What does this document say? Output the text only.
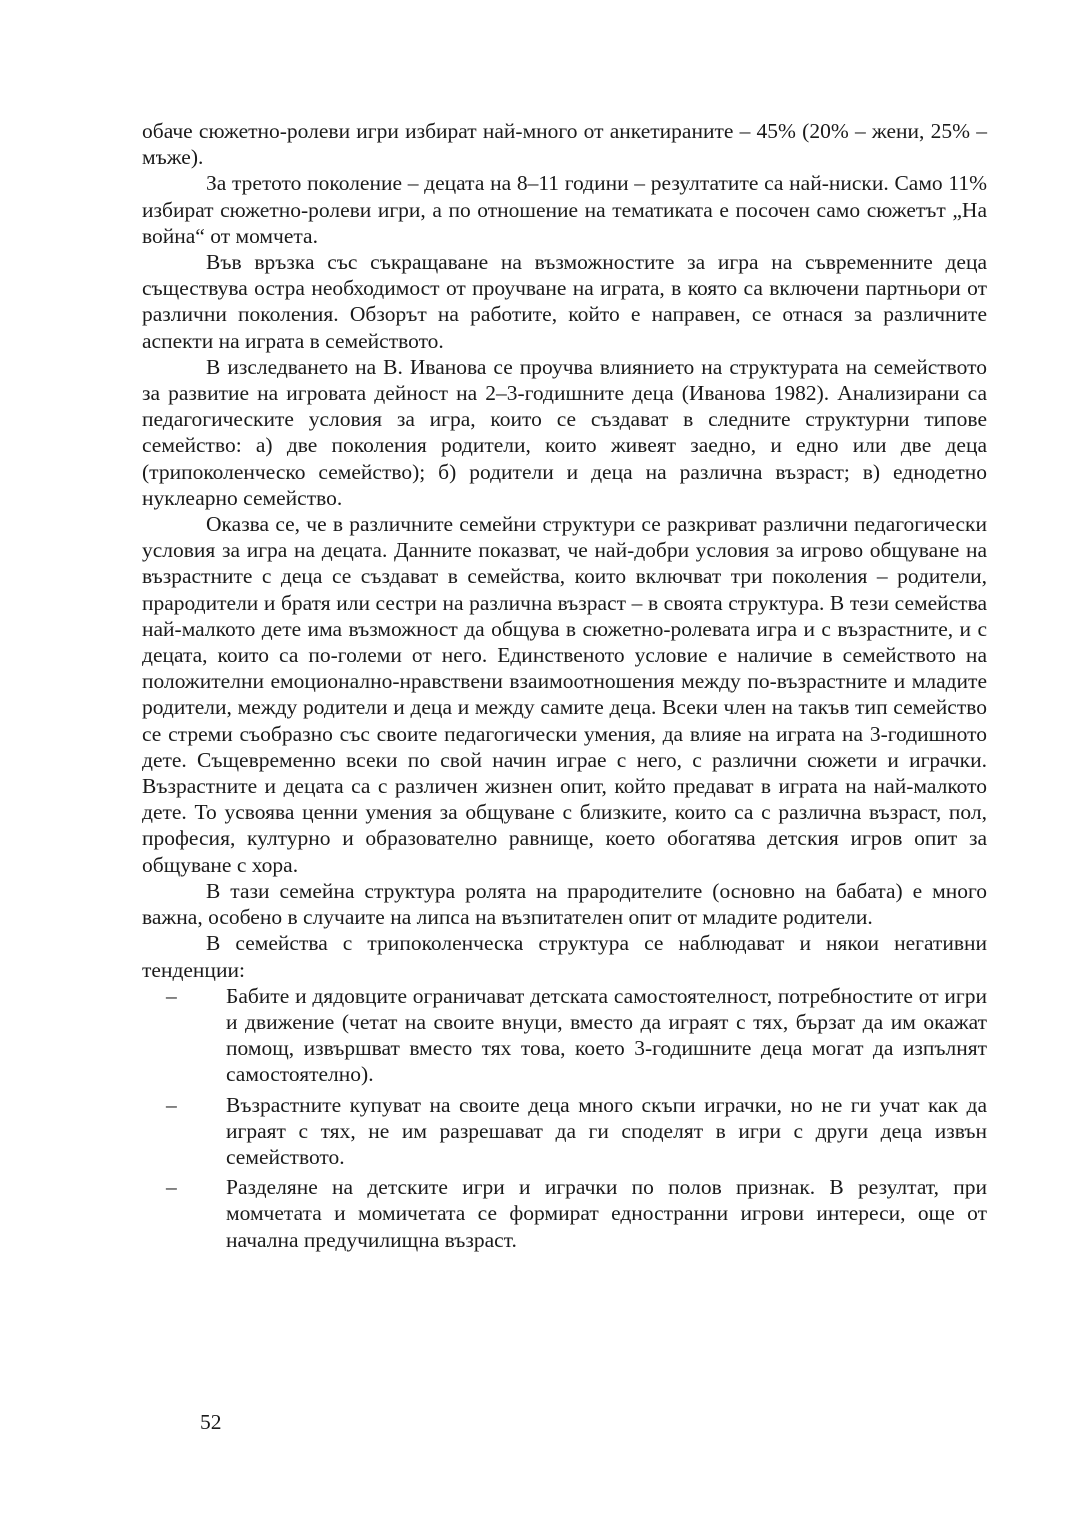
обаче сюжетно-ролеви игри избират най-много от анкетираните – 45% (20% – жени, 25% – мъже).

За третото поколение – децата на 8–11 години – резултатите са най-ниски. Само 11% избират сюжетно-ролеви игри, а по отношение на тематиката е посочен само сюжетът „На война“ от момчета.

Във връзка със съкращаване на възможностите за игра на съвременните деца съществува остра необходимост от проучване на играта, в която са включени партньори от различни поколения. Обзорът на работите, който е направен, се отнася за различните аспекти на играта в семейството.

В изследването на В. Иванова се проучва влиянието на структурата на семейството за развитие на игровата дейност на 2–3-годишните деца (Иванова 1982). Анализирани са педагогическите условия за игра, които се създават в следните структурни типове семейство: а) две поколения родители, които живеят заедно, и едно или две деца (трипоколенческо семейство); б) родители и деца на различна възраст; в) еднодетно нуклеарно семейство.

Оказва се, че в различните семейни структури се разкриват различни педагогически условия за игра на децата. Данните показват, че най-добри условия за игрово общуване на възрастните с деца се създават в семейства, които включват три поколения – родители, прародители и братя или сестри на различна възраст – в своята структура. В тези семейства най-малкото дете има възможност да общува в сюжетно-ролевата игра и с възрастните, и с децата, които са по-големи от него. Единственото условие е наличие в семейството на положителни емоционално-нравствени взаимоотношения между по-възрастните и младите родители, между родители и деца и между самите деца. Всеки член на такъв тип семейство се стреми съобразно със своите педагогически умения, да влияе на играта на 3-годишното дете. Същевременно всеки по свой начин играе с него, с различни сюжети и играчки. Възрастните и децата са с различен жизнен опит, който предават в играта на най-малкото дете. То усвоява ценни умения за общуване с близките, които са с различна възраст, пол, професия, културно и образователно равнище, което обогатява детския игров опит за общуване с хора.

В тази семейна структура ролята на прародителите (основно на бабата) е много важна, особено в случаите на липса на възпитателен опит от младите родители.

В семейства с трипоколенческа структура се наблюдават и някои негативни тенденции:

– Бабите и дядовците ограничават детската самостоятелност, потребностите от игри и движение (четат на своите внуци, вместо да играят с тях, бързат да им окажат помощ, извършват вместо тях това, което 3-годишните деца могат да изпълнят самостоятелно).
– Възрастните купуват на своите деца много скъпи играчки, но не ги учат как да играят с тях, не им разрешават да ги споделят в игри с други деца извън семейството.
– Разделяне на детските игри и играчки по полов признак. В резултат, при момчетата и момичетата се формират едностранни игрови интереси, още от начална предучилищна възраст.
52
